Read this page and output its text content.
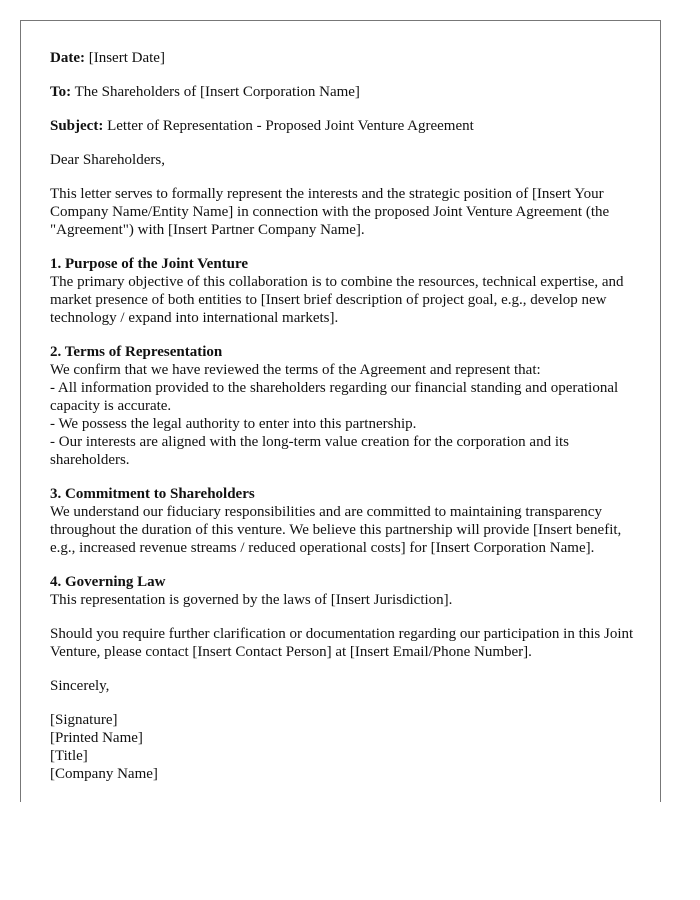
Date: [Insert Date]

To: The Shareholders of [Insert Corporation Name]

Subject: Letter of Representation - Proposed Joint Venture Agreement

Dear Shareholders,

This letter serves to formally represent the interests and the strategic position of [Insert Your Company Name/Entity Name] in connection with the proposed Joint Venture Agreement (the "Agreement") with [Insert Partner Company Name].

1. Purpose of the Joint Venture
The primary objective of this collaboration is to combine the resources, technical expertise, and market presence of both entities to [Insert brief description of project goal, e.g., develop new technology / expand into international markets].

2. Terms of Representation
We confirm that we have reviewed the terms of the Agreement and represent that:
- All information provided to the shareholders regarding our financial standing and operational capacity is accurate.
- We possess the legal authority to enter into this partnership.
- Our interests are aligned with the long-term value creation for the corporation and its shareholders.

3. Commitment to Shareholders
We understand our fiduciary responsibilities and are committed to maintaining transparency throughout the duration of this venture. We believe this partnership will provide [Insert benefit, e.g., increased revenue streams / reduced operational costs] for [Insert Corporation Name].

4. Governing Law
This representation is governed by the laws of [Insert Jurisdiction].

Should you require further clarification or documentation regarding our participation in this Joint Venture, please contact [Insert Contact Person] at [Insert Email/Phone Number].

Sincerely,

[Signature]
[Printed Name]
[Title]
[Company Name]
